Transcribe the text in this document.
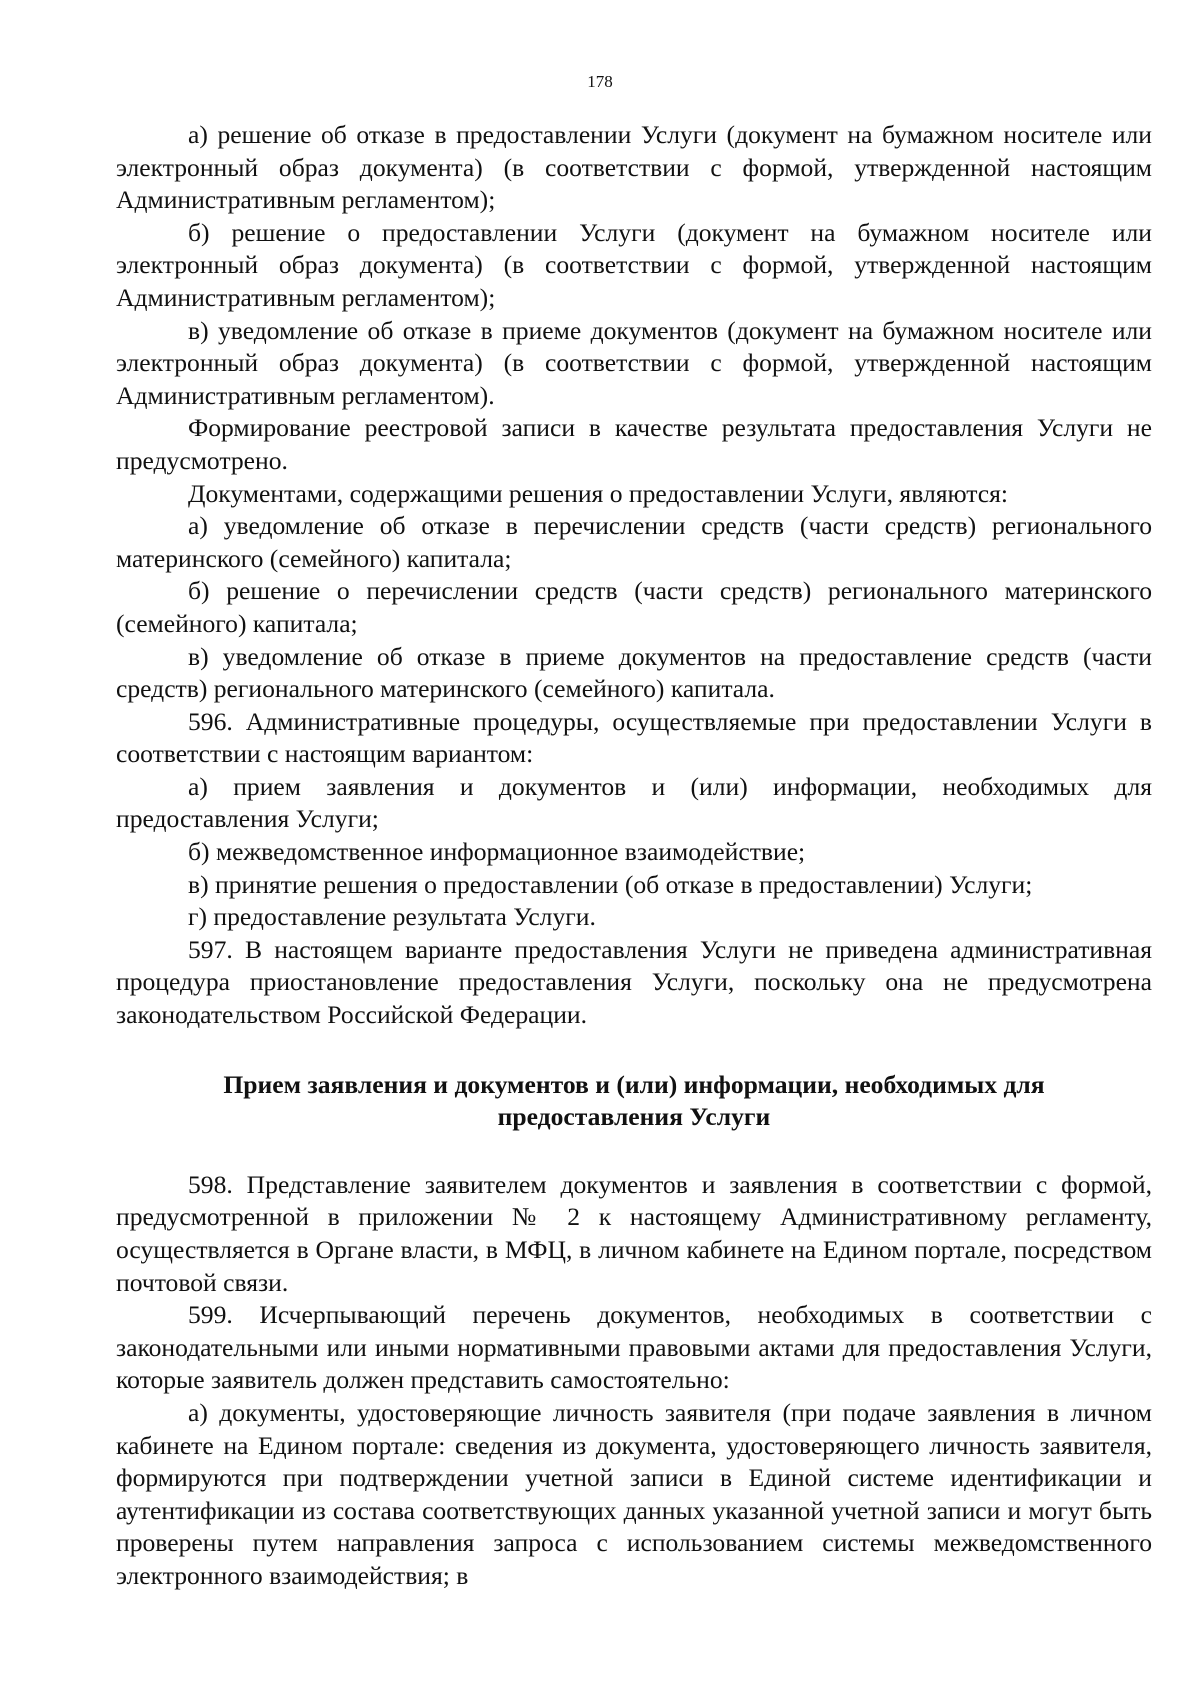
178

а) решение об отказе в предоставлении Услуги (документ на бумажном носителе или электронный образ документа) (в соответствии с формой, утвержденной настоящим Административным регламентом);

б) решение о предоставлении Услуги (документ на бумажном носителе или электронный образ документа) (в соответствии с формой, утвержденной настоящим Административным регламентом);

в) уведомление об отказе в приеме документов (документ на бумажном носителе или электронный образ документа) (в соответствии с формой, утвержденной настоящим Административным регламентом).

Формирование реестровой записи в качестве результата предоставления Услуги не предусмотрено.

Документами, содержащими решения о предоставлении Услуги, являются:

а) уведомление об отказе в перечислении средств (части средств) регионального материнского (семейного) капитала;

б) решение о перечислении средств (части средств) регионального материнского (семейного) капитала;

в) уведомление об отказе в приеме документов на предоставление средств (части средств) регионального материнского (семейного) капитала.

596. Административные процедуры, осуществляемые при предоставлении Услуги в соответствии с настоящим вариантом:

а) прием заявления и документов и (или) информации, необходимых для предоставления Услуги;

б) межведомственное информационное взаимодействие;

в) принятие решения о предоставлении (об отказе в предоставлении) Услуги;

г) предоставление результата Услуги.

597. В настоящем варианте предоставления Услуги не приведена административная процедура приостановление предоставления Услуги, поскольку она не предусмотрена законодательством Российской Федерации.

Прием заявления и документов и (или) информации, необходимых для
предоставления Услуги

598. Представление заявителем документов и заявления в соответствии с формой, предусмотренной в приложении № 2 к настоящему Административному регламенту, осуществляется в Органе власти, в МФЦ, в личном кабинете на Едином портале, посредством почтовой связи.

599. Исчерпывающий перечень документов, необходимых в соответствии с законодательными или иными нормативными правовыми актами для предоставления Услуги, которые заявитель должен представить самостоятельно:

а) документы, удостоверяющие личность заявителя (при подаче заявления в личном кабинете на Едином портале: сведения из документа, удостоверяющего личность заявителя, формируются при подтверждении учетной записи в Единой системе идентификации и аутентификации из состава соответствующих данных указанной учетной записи и могут быть проверены путем направления запроса с использованием системы межведомственного электронного взаимодействия; в
